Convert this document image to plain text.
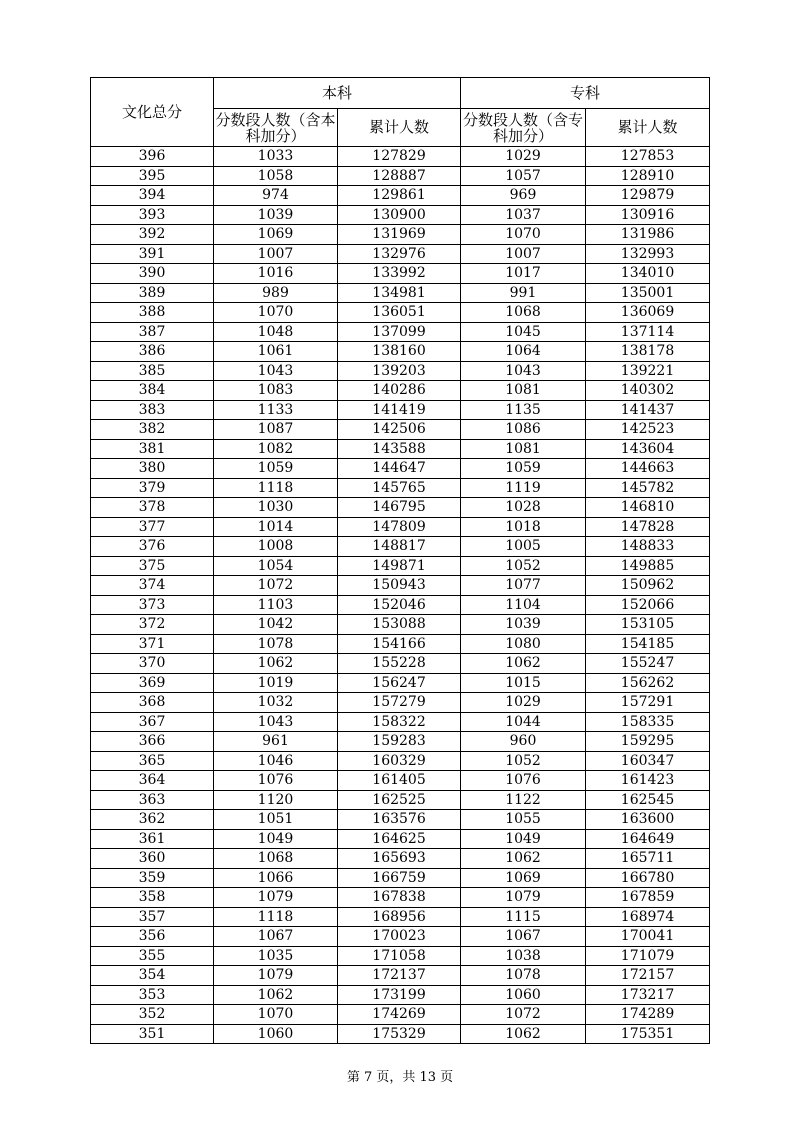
文化总分	本科		专科	
	分数段人数（含本科加分）	累计人数	分数段人数（含专科加分）	累计人数
396	1033	127829	1029	127853
395	1058	128887	1057	128910
394	974	129861	969	129879
393	1039	130900	1037	130916
392	1069	131969	1070	131986
391	1007	132976	1007	132993
390	1016	133992	1017	134010
389	989	134981	991	135001
388	1070	136051	1068	136069
387	1048	137099	1045	137114
386	1061	138160	1064	138178
385	1043	139203	1043	139221
384	1083	140286	1081	140302
383	1133	141419	1135	141437
382	1087	142506	1086	142523
381	1082	143588	1081	143604
380	1059	144647	1059	144663
379	1118	145765	1119	145782
378	1030	146795	1028	146810
377	1014	147809	1018	147828
376	1008	148817	1005	148833
375	1054	149871	1052	149885
374	1072	150943	1077	150962
373	1103	152046	1104	152066
372	1042	153088	1039	153105
371	1078	154166	1080	154185
370	1062	155228	1062	155247
369	1019	156247	1015	156262
368	1032	157279	1029	157291
367	1043	158322	1044	158335
366	961	159283	960	159295
365	1046	160329	1052	160347
364	1076	161405	1076	161423
363	1120	162525	1122	162545
362	1051	163576	1055	163600
361	1049	164625	1049	164649
360	1068	165693	1062	165711
359	1066	166759	1069	166780
358	1079	167838	1079	167859
357	1118	168956	1115	168974
356	1067	170023	1067	170041
355	1035	171058	1038	171079
354	1079	172137	1078	172157
353	1062	173199	1060	173217
352	1070	174269	1072	174289
351	1060	175329	1062	175351
第 7 页，共 13 页
